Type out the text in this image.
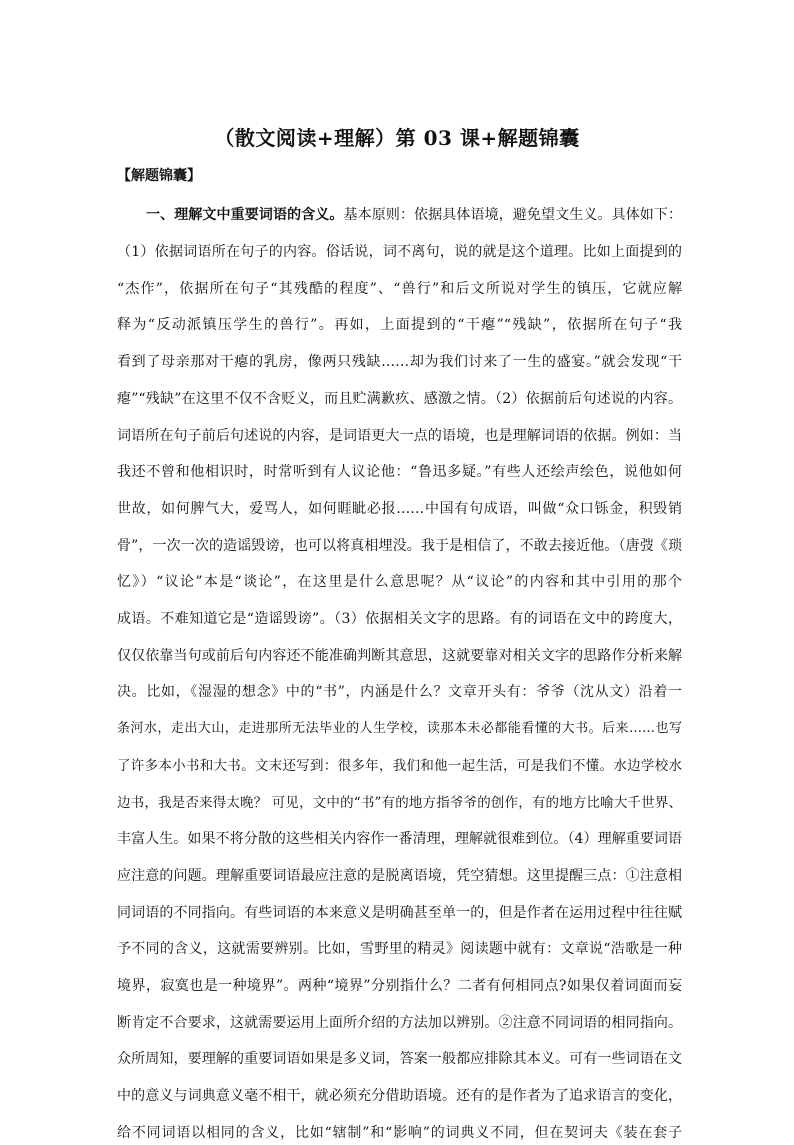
（散文阅读+理解）第 03 课+解题锦囊
【解题锦囊】
一、理解文中重要词语的含义。基本原则：依据具体语境，避免望文生义。具体如下：
（1）依据词语所在句子的内容。俗话说，词不离句，说的就是这个道理。比如上面提到的
“杰作”，依据所在句子“其残酷的程度”、“兽行”和后文所说对学生的镇压，它就应解
释为“反动派镇压学生的兽行”。再如，上面提到的“干瘪”“残缺”，依据所在句子“我
看到了母亲那对干瘪的乳房，像两只残缺……却为我们讨来了一生的盛宴。”就会发现“干
瘪”“残缺”在这里不仅不含贬义，而且贮满歉疚、感激之情。（2）依据前后句述说的内容。
词语所在句子前后句述说的内容，是词语更大一点的语境，也是理解词语的依据。例如：当
我还不曾和他相识时，时常听到有人议论他：“鲁迅多疑。”有些人还绘声绘色，说他如何
世故，如何脾气大，爱骂人，如何睚眦必报……中国有句成语，叫做“众口铄金，积毁销
骨”，一次一次的造谣毁谤，也可以将真相埋没。我于是相信了，不敢去接近他。（唐弢《琐
忆》）“议论”本是“谈论”，在这里是什么意思呢？从“议论”的内容和其中引用的那个
成语。不难知道它是“造谣毁谤”。（3）依据相关文字的思路。有的词语在文中的跨度大，
仅仅依靠当句或前后句内容还不能准确判断其意思，这就要靠对相关文字的思路作分析来解
决。比如，《湿湿的想念》中的“书”，内涵是什么？文章开头有：爷爷（沈从文）沿着一
条河水，走出大山，走进那所无法毕业的人生学校，读那本未必都能看懂的大书。后来……也写
了许多本小书和大书。文末还写到：很多年，我们和他一起生活，可是我们不懂。水边学校水
边书，我是否来得太晚？ 可见，文中的“书”有的地方指爷爷的创作，有的地方比喻大千世界、
丰富人生。如果不将分散的这些相关内容作一番清理，理解就很难到位。（4）理解重要词语
应注意的问题。理解重要词语最应注意的是脱离语境，凭空猜想。这里提醒三点：①注意相
同词语的不同指向。有些词语的本来意义是明确甚至单一的，但是作者在运用过程中往往赋
予不同的含义，这就需要辨别。比如，雪野里的精灵》阅读题中就有：文章说“浩歌是一种
境界，寂寞也是一种境界”。两种“境界”分别指什么？二者有何相同点?如果仅着词面而妄
断肯定不合要求，这就需要运用上面所介绍的方法加以辨别。②注意不同词语的相同指向。
众所周知，要理解的重要词语如果是多义词，答案一般都应排除其本义。可有一些词语在文
中的意义与词典意义毫不相干，就必须充分借助语境。还有的是作者为了追求语言的变化，
给不同词语以相同的含义，比如“辖制”和“影响”的词典义不同，但在契诃夫《装在套子
